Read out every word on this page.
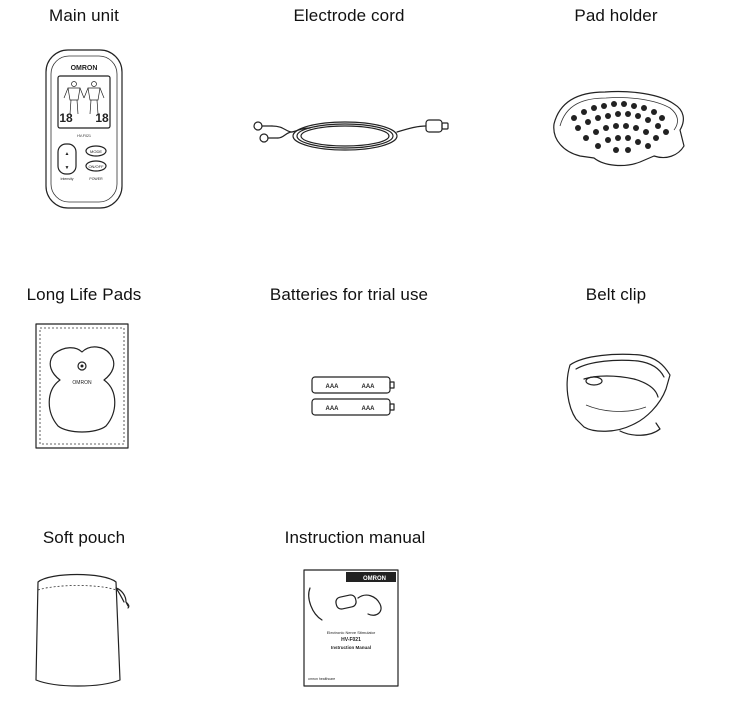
Main unit	Electrode cord	Pad holder
Long Life Pads	Batteries for trial use	Belt clip
Soft pouch	Instruction manual
OMRON
18 18
HV-F021
▲
▼
MODE
ON/OFF
Intensity	POWER
OMRON
AAA	AAA
AAA	AAA
OMRON
Electronic Nerve Stimulator
HV-F021
Instruction Manual
omron healthcare
